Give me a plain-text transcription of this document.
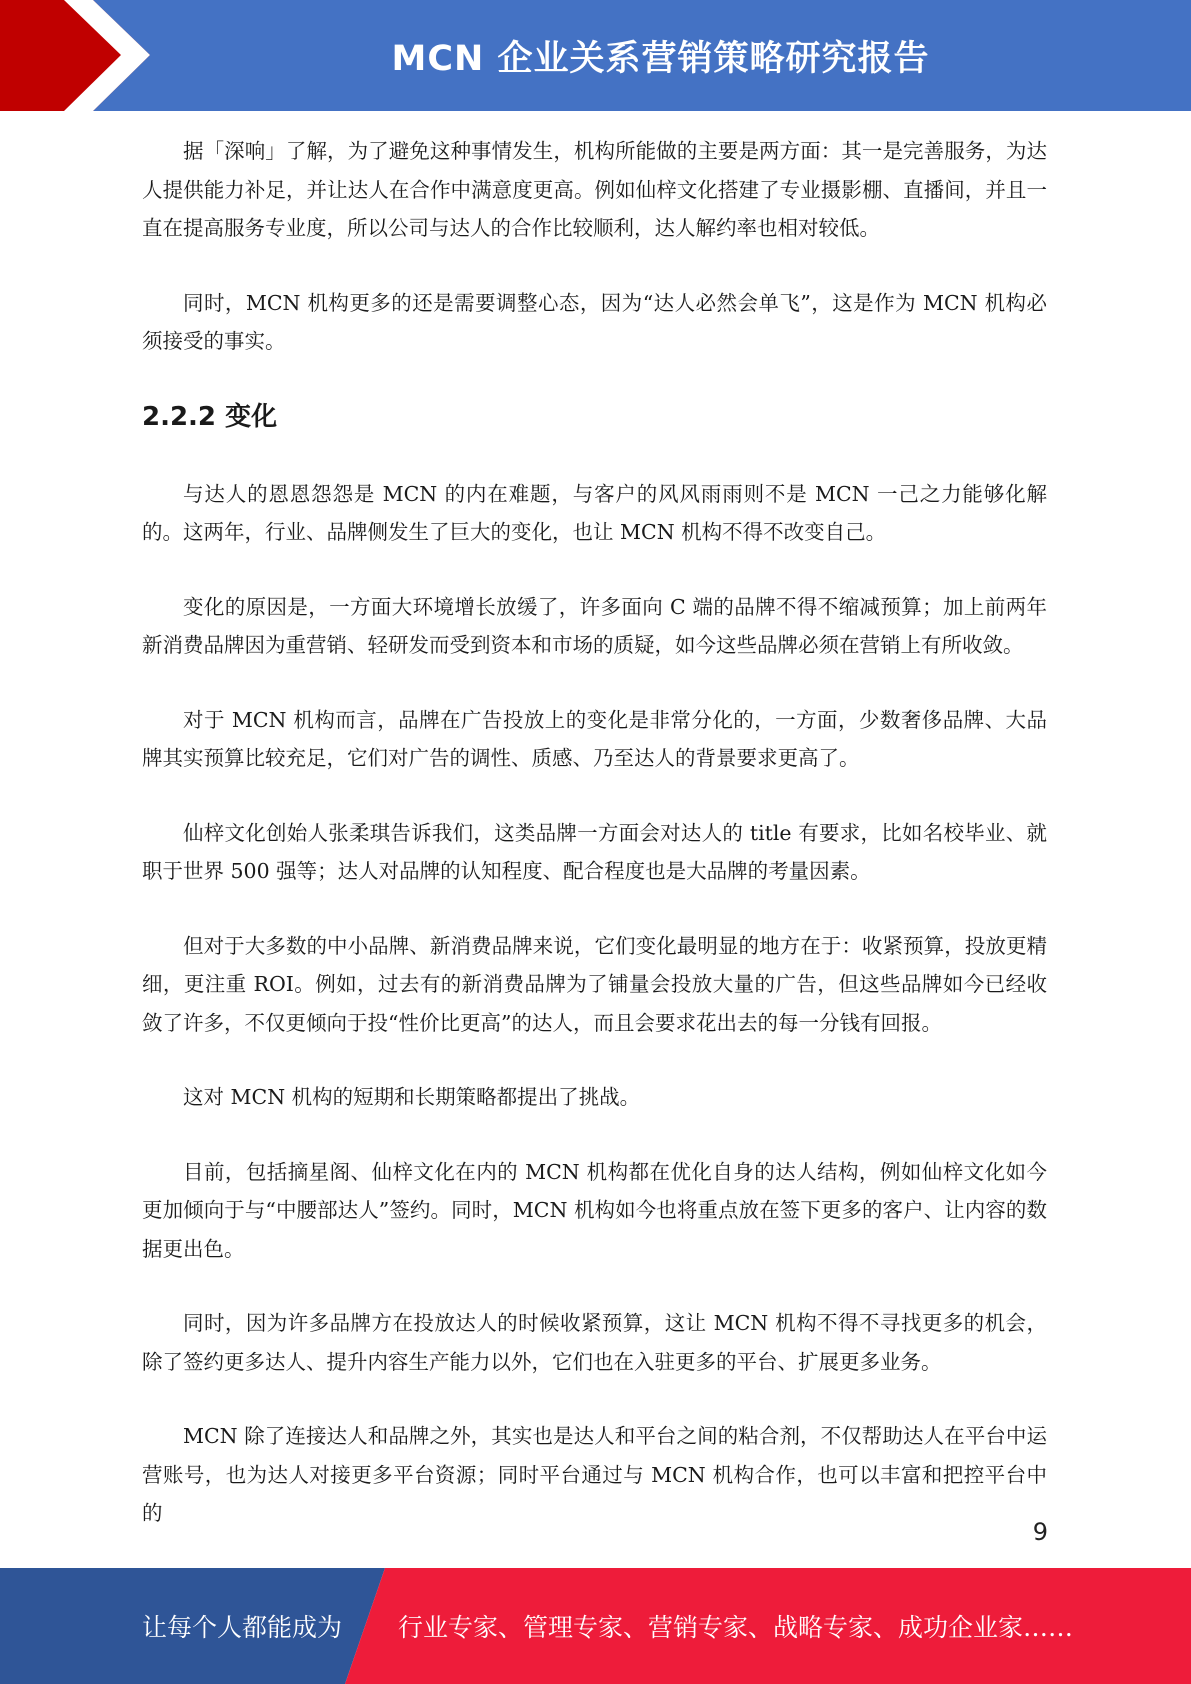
MCN 企业关系营销策略研究报告

据「深响」了解，为了避免这种事情发生，机构所能做的主要是两方面：其一是完善服务，为达人提供能力补足，并让达人在合作中满意度更高。例如仙梓文化搭建了专业摄影棚、直播间，并且一直在提高服务专业度，所以公司与达人的合作比较顺利，达人解约率也相对较低。

同时，MCN 机构更多的还是需要调整心态，因为“达人必然会单飞”，这是作为 MCN 机构必须接受的事实。

2.2.2 变化

与达人的恩恩怨怨是 MCN 的内在难题，与客户的风风雨雨则不是 MCN 一己之力能够化解的。这两年，行业、品牌侧发生了巨大的变化，也让 MCN 机构不得不改变自己。

变化的原因是，一方面大环境增长放缓了，许多面向 C 端的品牌不得不缩减预算；加上前两年新消费品牌因为重营销、轻研发而受到资本和市场的质疑，如今这些品牌必须在营销上有所收敛。

对于 MCN 机构而言，品牌在广告投放上的变化是非常分化的，一方面，少数奢侈品牌、大品牌其实预算比较充足，它们对广告的调性、质感、乃至达人的背景要求更高了。

仙梓文化创始人张柔琪告诉我们，这类品牌一方面会对达人的 title 有要求，比如名校毕业、就职于世界 500 强等；达人对品牌的认知程度、配合程度也是大品牌的考量因素。

但对于大多数的中小品牌、新消费品牌来说，它们变化最明显的地方在于：收紧预算，投放更精细，更注重 ROI。例如，过去有的新消费品牌为了铺量会投放大量的广告，但这些品牌如今已经收敛了许多，不仅更倾向于投“性价比更高”的达人，而且会要求花出去的每一分钱有回报。

这对 MCN 机构的短期和长期策略都提出了挑战。

目前，包括摘星阁、仙梓文化在内的 MCN 机构都在优化自身的达人结构，例如仙梓文化如今更加倾向于与“中腰部达人”签约。同时，MCN 机构如今也将重点放在签下更多的客户、让内容的数据更出色。

同时，因为许多品牌方在投放达人的时候收紧预算，这让 MCN 机构不得不寻找更多的机会，除了签约更多达人、提升内容生产能力以外，它们也在入驻更多的平台、扩展更多业务。

MCN 除了连接达人和品牌之外，其实也是达人和平台之间的粘合剂，不仅帮助达人在平台中运营账号，也为达人对接更多平台资源；同时平台通过与 MCN 机构合作，也可以丰富和把控平台中的

9
让每个人都能成为 行业专家、管理专家、营销专家、战略专家、成功企业家……
